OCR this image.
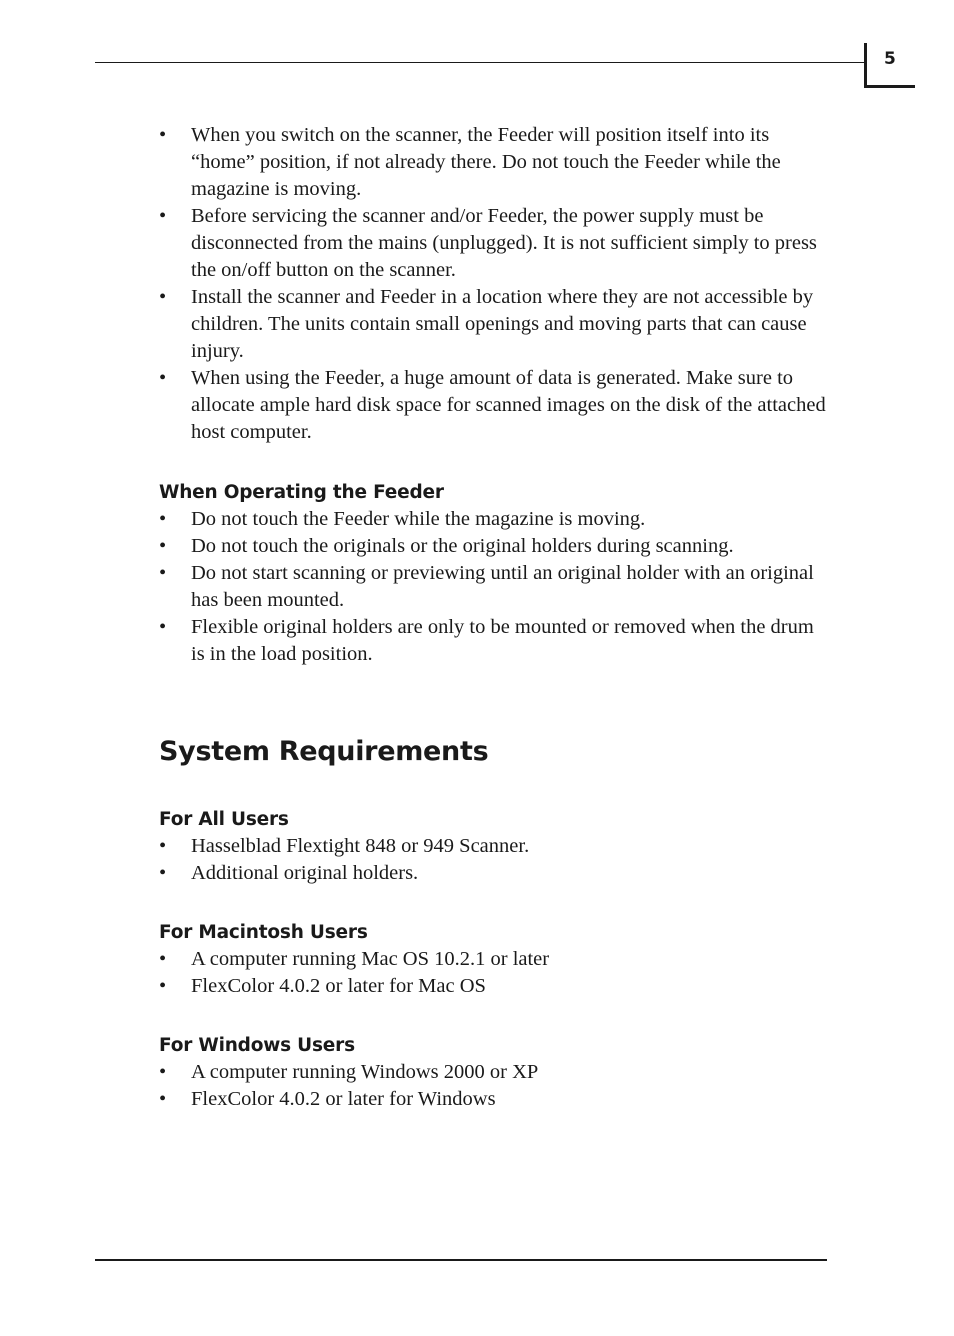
5
• When you switch on the scanner, the Feeder will position itself into its “home” position, if not already there. Do not touch the Feeder while the magazine is moving.
• Before servicing the scanner and/or Feeder, the power supply must be disconnected from the mains (unplugged). It is not sufficient simply to press the on/off button on the scanner.
• Install the scanner and Feeder in a location where they are not accessible by children. The units contain small openings and moving parts that can cause injury.
• When using the Feeder, a huge amount of data is generated. Make sure to allocate ample hard disk space for scanned images on the disk of the attached host computer.
When Operating the Feeder
• Do not touch the Feeder while the magazine is moving.
• Do not touch the originals or the original holders during scanning.
• Do not start scanning or previewing until an original holder with an original has been mounted.
• Flexible original holders are only to be mounted or removed when the drum is in the load position.
System Requirements
For All Users
• Hasselblad Flextight 848 or 949 Scanner.
• Additional original holders.
For Macintosh Users
• A computer running Mac OS 10.2.1 or later
• FlexColor 4.0.2 or later for Mac OS
For Windows Users
• A computer running Windows 2000 or XP
• FlexColor 4.0.2 or later for Windows
